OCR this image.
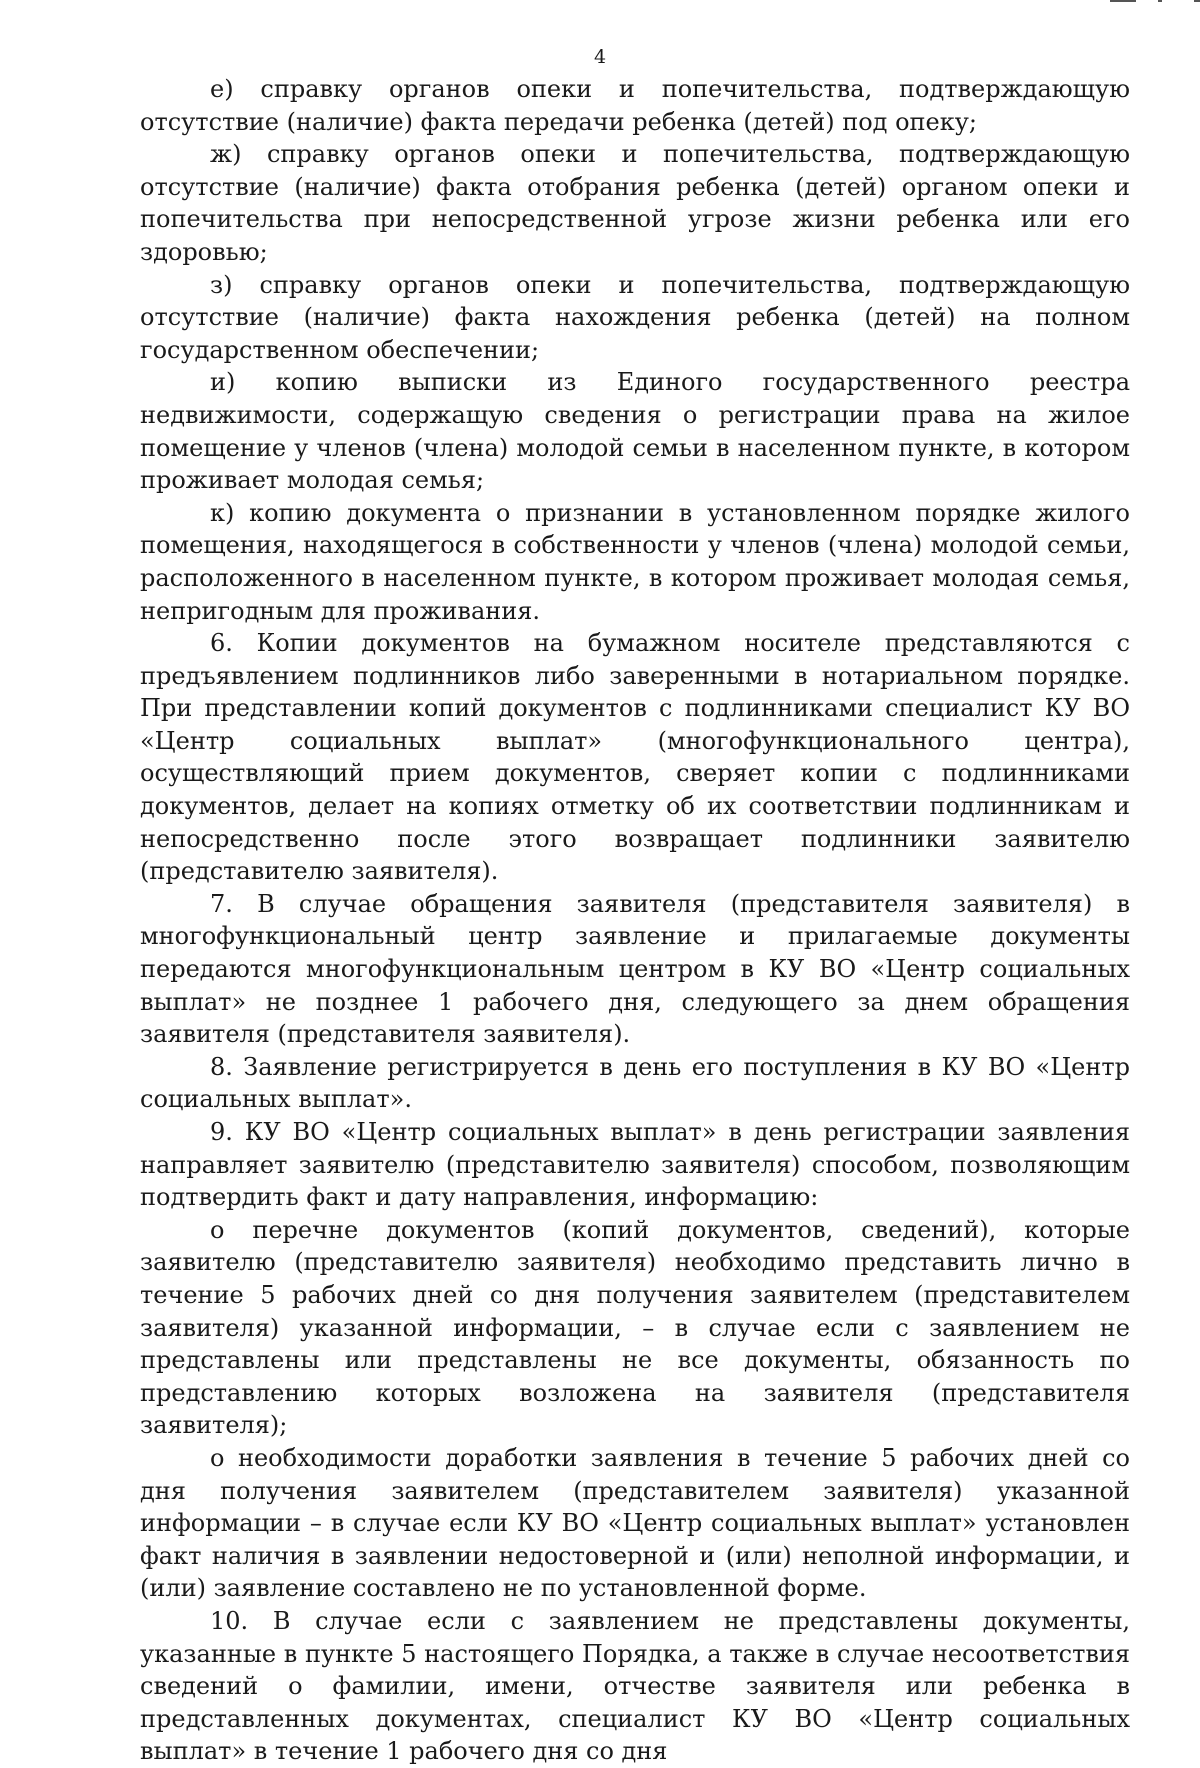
4

е) справку органов опеки и попечительства, подтверждающую отсутствие (наличие) факта передачи ребенка (детей) под опеку;

ж) справку органов опеки и попечительства, подтверждающую отсутствие (наличие) факта отобрания ребенка (детей) органом опеки и попечительства при непосредственной угрозе жизни ребенка или его здоровью;

з) справку органов опеки и попечительства, подтверждающую отсутствие (наличие) факта нахождения ребенка (детей) на полном государственном обеспечении;

и) копию выписки из Единого государственного реестра недвижимости, содержащую сведения о регистрации права на жилое помещение у членов (члена) молодой семьи в населенном пункте, в котором проживает молодая семья;

к) копию документа о признании в установленном порядке жилого помещения, находящегося в собственности у членов (члена) молодой семьи, расположенного в населенном пункте, в котором проживает молодая семья, непригодным для проживания.

6. Копии документов на бумажном носителе представляются с предъявлением подлинников либо заверенными в нотариальном порядке. При представлении копий документов с подлинниками специалист КУ ВО «Центр социальных выплат» (многофункционального центра), осуществляющий прием документов, сверяет копии с подлинниками документов, делает на копиях отметку об их соответствии подлинникам и непосредственно после этого возвращает подлинники заявителю (представителю заявителя).

7. В случае обращения заявителя (представителя заявителя) в многофункциональный центр заявление и прилагаемые документы передаются многофункциональным центром в КУ ВО «Центр социальных выплат» не позднее 1 рабочего дня, следующего за днем обращения заявителя (представителя заявителя).

8. Заявление регистрируется в день его поступления в КУ ВО «Центр социальных выплат».

9. КУ ВО «Центр социальных выплат» в день регистрации заявления направляет заявителю (представителю заявителя) способом, позволяющим подтвердить факт и дату направления, информацию:

о перечне документов (копий документов, сведений), которые заявителю (представителю заявителя) необходимо представить лично в течение 5 рабочих дней со дня получения заявителем (представителем заявителя) указанной информации, – в случае если с заявлением не представлены или представлены не все документы, обязанность по представлению которых возложена на заявителя (представителя заявителя);

о необходимости доработки заявления в течение 5 рабочих дней со дня получения заявителем (представителем заявителя) указанной информации – в случае если КУ ВО «Центр социальных выплат» установлен факт наличия в заявлении недостоверной и (или) неполной информации, и (или) заявление составлено не по установленной форме.

10. В случае если с заявлением не представлены документы, указанные в пункте 5 настоящего Порядка, а также в случае несоответствия сведений о фамилии, имени, отчестве заявителя или ребенка в представленных документах, специалист КУ ВО «Центр социальных выплат» в течение 1 рабочего дня со дня
